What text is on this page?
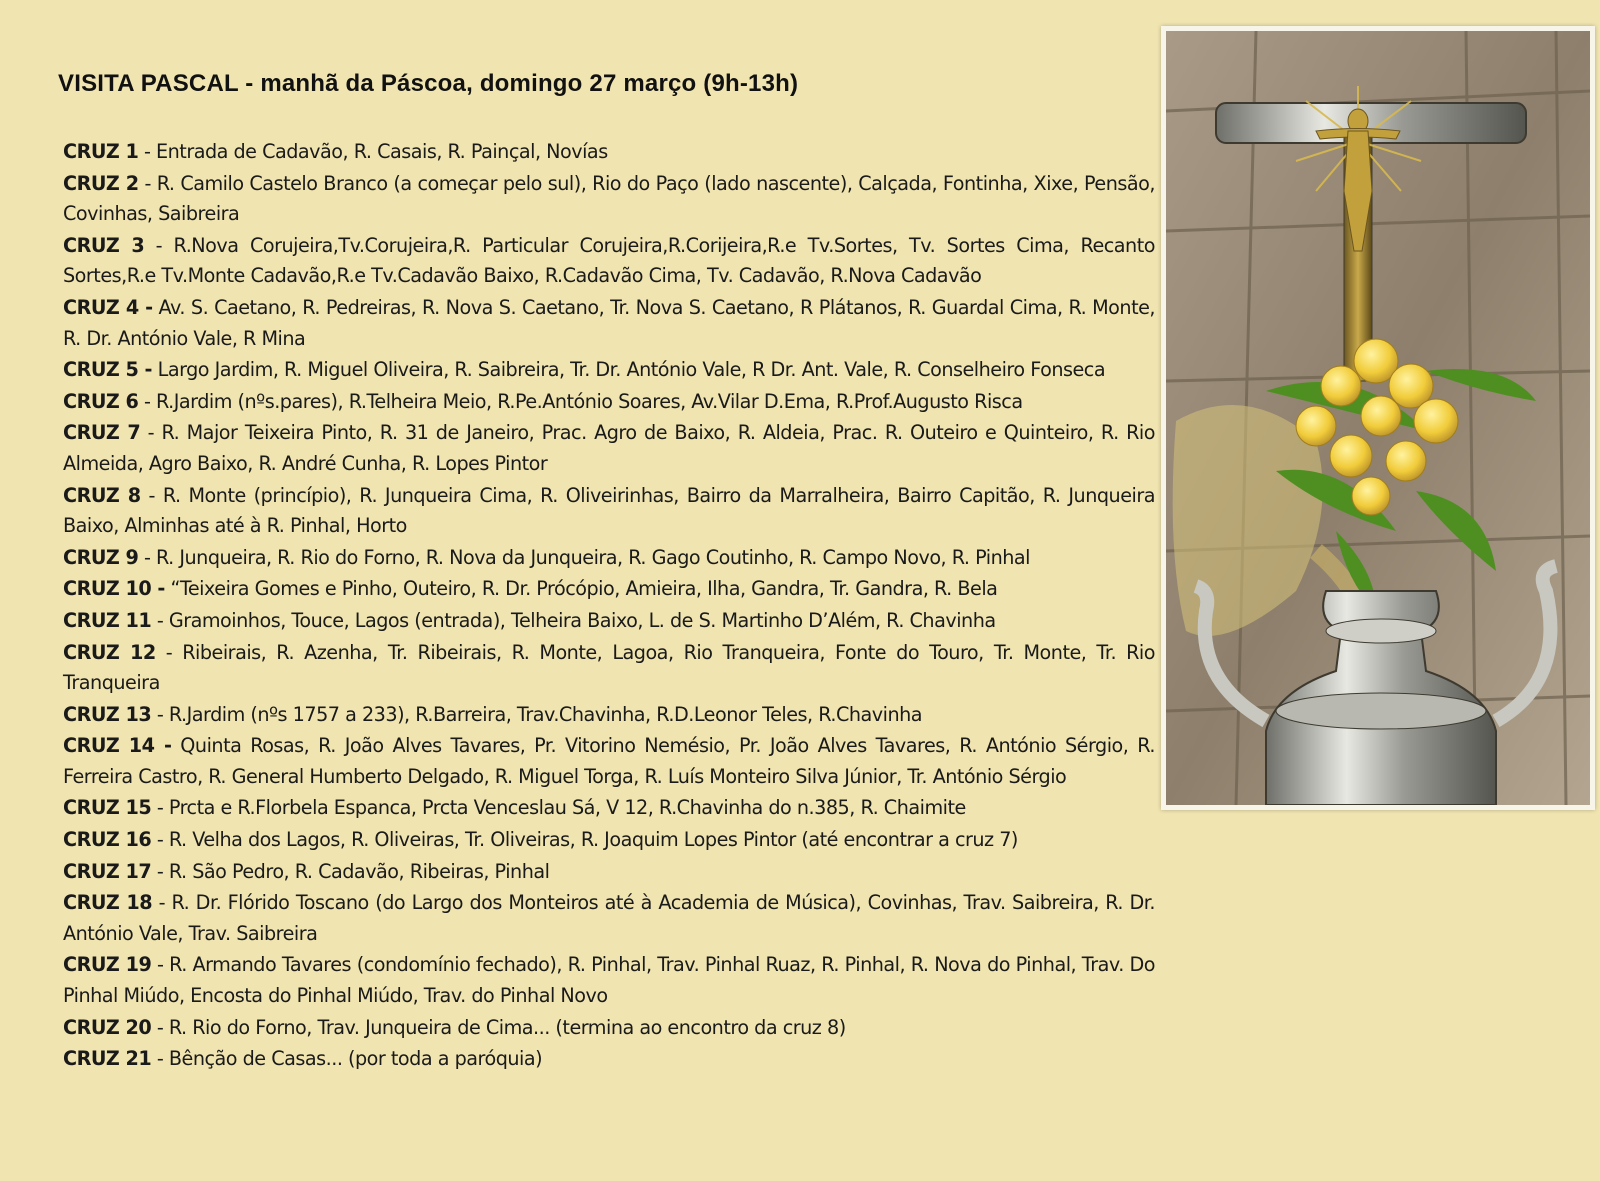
VISITA PASCAL - manhã da Páscoa, domingo 27 março (9h-13h)
CRUZ 1 - Entrada de Cadavão, R. Casais, R. Painçal, Novías
CRUZ 2 - R. Camilo Castelo Branco (a começar pelo sul), Rio do Paço (lado nascente), Calçada, Fontinha, Xixe, Pensão, Covinhas, Saibreira
CRUZ 3 - R.Nova Corujeira,Tv.Corujeira,R. Particular Corujeira,R.Corijeira,R.e Tv.Sortes, Tv. Sortes Cima, Recanto Sortes,R.e Tv.Monte Cadavão,R.e Tv.Cadavão Baixo, R.Cadavão Cima, Tv. Cadavão, R.Nova Cadavão
CRUZ 4 - Av. S. Caetano, R. Pedreiras, R. Nova S. Caetano, Tr. Nova S. Caetano, R Plátanos, R. Guardal Cima, R. Monte, R. Dr. António Vale, R Mina
CRUZ 5 - Largo Jardim, R. Miguel Oliveira, R. Saibreira, Tr. Dr. António Vale, R Dr. Ant. Vale, R. Conselheiro Fonseca
CRUZ 6 - R.Jardim (nºs.pares), R.Telheira Meio, R.Pe.António Soares, Av.Vilar D.Ema, R.Prof.Augusto Risca
CRUZ 7 - R. Major Teixeira Pinto, R. 31 de Janeiro, Prac. Agro de Baixo, R. Aldeia, Prac. R. Outeiro e Quinteiro, R. Rio Almeida, Agro Baixo, R. André Cunha, R. Lopes Pintor
CRUZ 8 - R. Monte (princípio), R. Junqueira Cima, R. Oliveirinhas, Bairro da Marralheira, Bairro Capitão, R. Junqueira Baixo, Alminhas até à R. Pinhal, Horto
CRUZ 9 - R. Junqueira, R. Rio do Forno, R. Nova da Junqueira, R. Gago Coutinho, R. Campo Novo, R. Pinhal
CRUZ 10 - “Teixeira Gomes e Pinho, Outeiro, R. Dr. Prócópio, Amieira, Ilha, Gandra, Tr. Gandra, R. Bela
CRUZ 11 - Gramoinhos, Touce, Lagos (entrada), Telheira Baixo, L. de S. Martinho D’Além, R. Chavinha
CRUZ 12 - Ribeirais, R. Azenha, Tr. Ribeirais, R. Monte, Lagoa, Rio Tranqueira, Fonte do Touro, Tr. Monte, Tr. Rio Tranqueira
CRUZ 13 - R.Jardim (nºs 1757 a 233), R.Barreira, Trav.Chavinha, R.D.Leonor Teles, R.Chavinha
CRUZ 14 - Quinta Rosas, R. João Alves Tavares, Pr. Vitorino Nemésio, Pr. João Alves Tavares, R. António Sérgio, R. Ferreira Castro, R. General Humberto Delgado, R. Miguel Torga, R. Luís Monteiro Silva Júnior, Tr. António Sérgio
CRUZ 15 - Prcta e R.Florbela Espanca, Prcta Venceslau Sá, V 12, R.Chavinha do n.385, R. Chaimite
CRUZ 16 - R. Velha dos Lagos, R. Oliveiras, Tr. Oliveiras, R. Joaquim Lopes Pintor (até encontrar a cruz 7)
CRUZ 17 - R. São Pedro, R. Cadavão, Ribeiras, Pinhal
CRUZ 18 - R. Dr. Flórido Toscano (do Largo dos Monteiros até à Academia de Música), Covinhas, Trav. Saibreira, R. Dr. António Vale, Trav. Saibreira
CRUZ 19 - R. Armando Tavares (condomínio fechado), R. Pinhal, Trav. Pinhal Ruaz, R. Pinhal, R. Nova do Pinhal, Trav. Do Pinhal Miúdo, Encosta do Pinhal Miúdo, Trav. do Pinhal Novo
CRUZ 20 - R. Rio do Forno, Trav. Junqueira de Cima... (termina ao encontro da cruz 8)
CRUZ 21 - Bênção de Casas... (por toda a paróquia)
